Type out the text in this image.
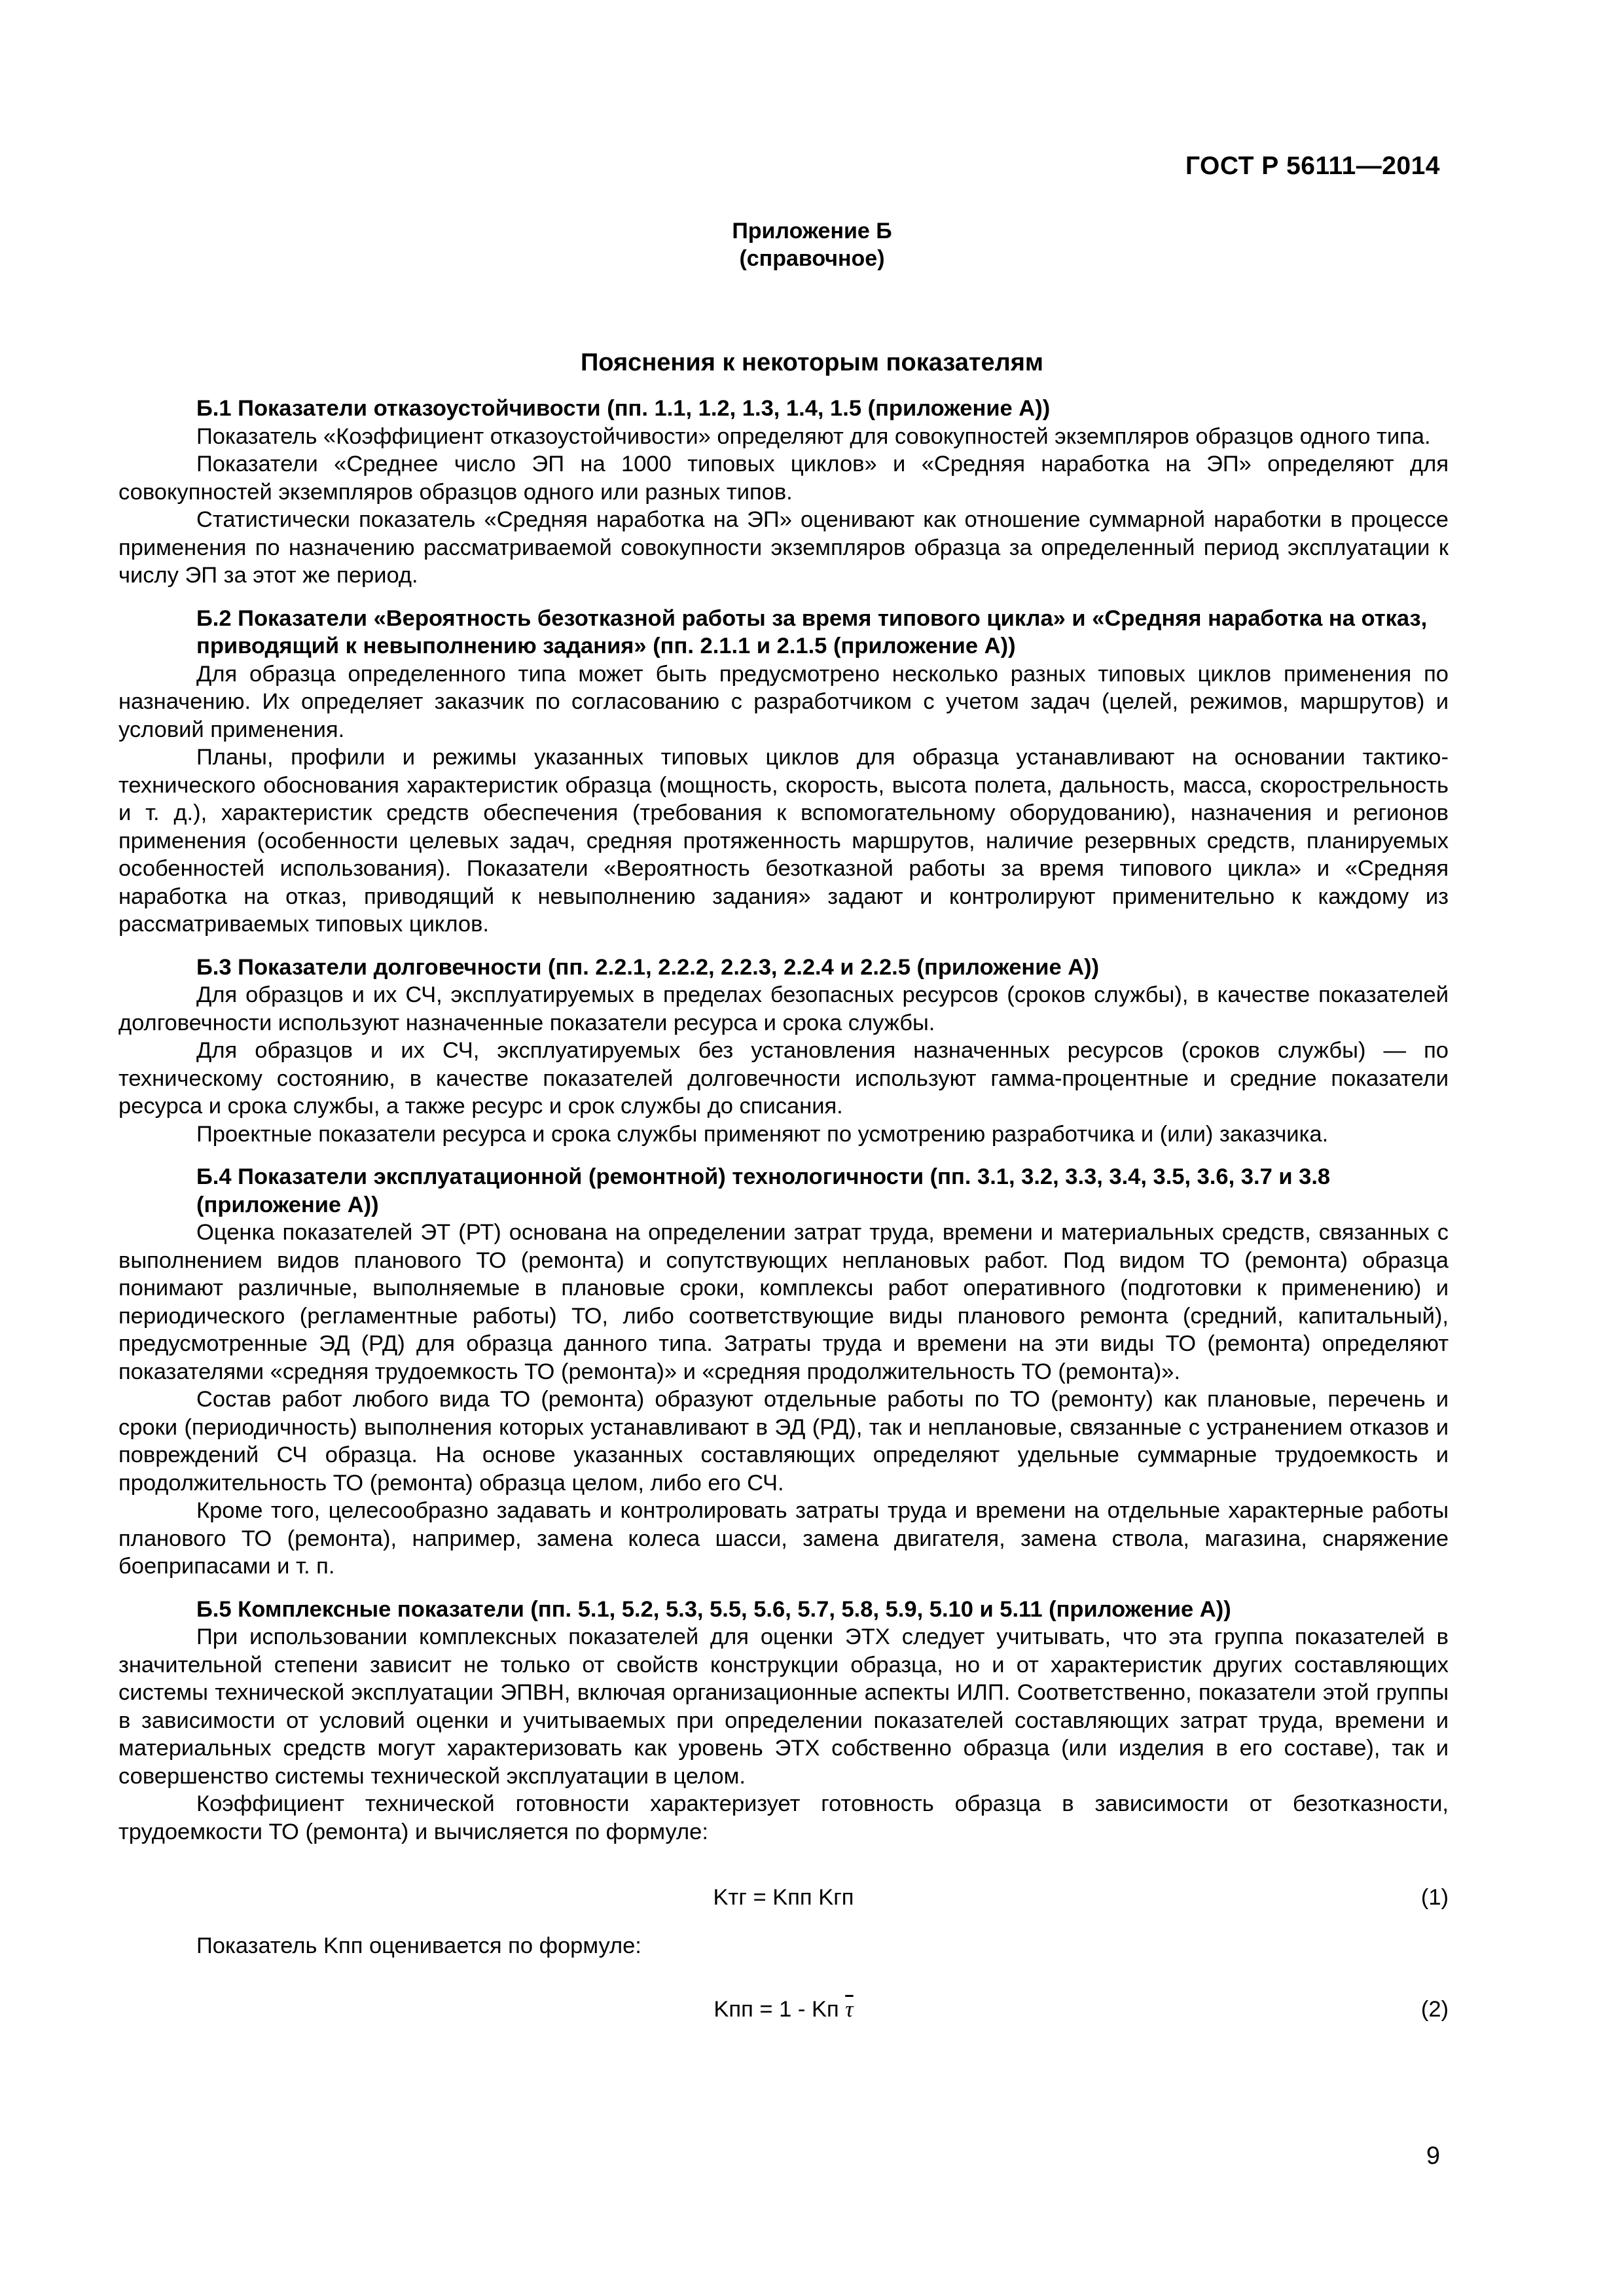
ГОСТ Р 56111—2014
Приложение Б
(справочное)
Пояснения к некоторым показателям

Б.1 Показатели отказоустойчивости (пп. 1.1, 1.2, 1.3, 1.4, 1.5 (приложение А))

Показатель «Коэффициент отказоустойчивости» определяют для совокупностей экземпляров образцов одного типа.

Показатели «Среднее число ЭП на 1000 типовых циклов» и «Средняя наработка на ЭП» определяют для совокупностей экземпляров образцов одного или разных типов.

Статистически показатель «Средняя наработка на ЭП» оценивают как отношение суммарной наработки в процессе применения по назначению рассматриваемой совокупности экземпляров образца за определенный период эксплуатации к числу ЭП за этот же период.

Б.2 Показатели «Вероятность безотказной работы за время типового цикла» и «Средняя наработка на отказ, приводящий к невыполнению задания» (пп. 2.1.1 и 2.1.5 (приложение А))

Для образца определенного типа может быть предусмотрено несколько разных типовых циклов применения по назначению. Их определяет заказчик по согласованию с разработчиком с учетом задач (целей, режимов, маршрутов) и условий применения.

Планы, профили и режимы указанных типовых циклов для образца устанавливают на основании тактико-технического обоснования характеристик образца (мощность, скорость, высота полета, дальность, масса, скорострельность и т. д.), характеристик средств обеспечения (требования к вспомогательному оборудованию), назначения и регионов применения (особенности целевых задач, средняя протяженность маршрутов, наличие резервных средств, планируемых особенностей использования). Показатели «Вероятность безотказной работы за время типового цикла» и «Средняя наработка на отказ, приводящий к невыполнению задания» задают и контролируют применительно к каждому из рассматриваемых типовых циклов.

Б.3 Показатели долговечности (пп. 2.2.1, 2.2.2, 2.2.3, 2.2.4 и 2.2.5 (приложение А))

Для образцов и их СЧ, эксплуатируемых в пределах безопасных ресурсов (сроков службы), в качестве показателей долговечности используют назначенные показатели ресурса и срока службы.

Для образцов и их СЧ, эксплуатируемых без установления назначенных ресурсов (сроков службы) — по техническому состоянию, в качестве показателей долговечности используют гамма-процентные и средние показатели ресурса и срока службы, а также ресурс и срок службы до списания.

Проектные показатели ресурса и срока службы применяют по усмотрению разработчика и (или) заказчика.

Б.4 Показатели эксплуатационной (ремонтной) технологичности (пп. 3.1, 3.2, 3.3, 3.4, 3.5, 3.6, 3.7 и 3.8 (приложение А))

Оценка показателей ЭТ (РТ) основана на определении затрат труда, времени и материальных средств, связанных с выполнением видов планового ТО (ремонта) и сопутствующих неплановых работ. Под видом ТО (ремонта) образца понимают различные, выполняемые в плановые сроки, комплексы работ оперативного (подготовки к применению) и периодического (регламентные работы) ТО, либо соответствующие виды планового ремонта (средний, капитальный), предусмотренные ЭД (РД) для образца данного типа. Затраты труда и времени на эти виды ТО (ремонта) определяют показателями «средняя трудоемкость ТО (ремонта)» и «средняя продолжительность ТО (ремонта)».

Состав работ любого вида ТО (ремонта) образуют отдельные работы по ТО (ремонту) как плановые, перечень и сроки (периодичность) выполнения которых устанавливают в ЭД (РД), так и неплановые, связанные с устранением отказов и повреждений СЧ образца. На основе указанных составляющих определяют удельные суммарные трудоемкость и продолжительность ТО (ремонта) образца целом, либо его СЧ.

Кроме того, целесообразно задавать и контролировать затраты труда и времени на отдельные характерные работы планового ТО (ремонта), например, замена колеса шасси, замена двигателя, замена ствола, магазина, снаряжение боеприпасами и т. п.

Б.5 Комплексные показатели (пп. 5.1, 5.2, 5.3, 5.5, 5.6, 5.7, 5.8, 5.9, 5.10 и 5.11 (приложение А))

При использовании комплексных показателей для оценки ЭТХ следует учитывать, что эта группа показателей в значительной степени зависит не только от свойств конструкции образца, но и от характеристик других составляющих системы технической эксплуатации ЭПВН, включая организационные аспекты ИЛП. Соответственно, показатели этой группы в зависимости от условий оценки и учитываемых при определении показателей составляющих затрат труда, времени и материальных средств могут характеризовать как уровень ЭТХ собственно образца (или изделия в его составе), так и совершенство системы технической эксплуатации в целом.

Коэффициент технической готовности характеризует готовность образца в зависимости от безотказности, трудоемкости ТО (ремонта) и вычисляется по формуле:

Kтг = Kпп Kгп	(1)

Показатель Kпп оценивается по формуле:

Kпп = 1 - Kп $\overline{\tau}$	(2)
9
